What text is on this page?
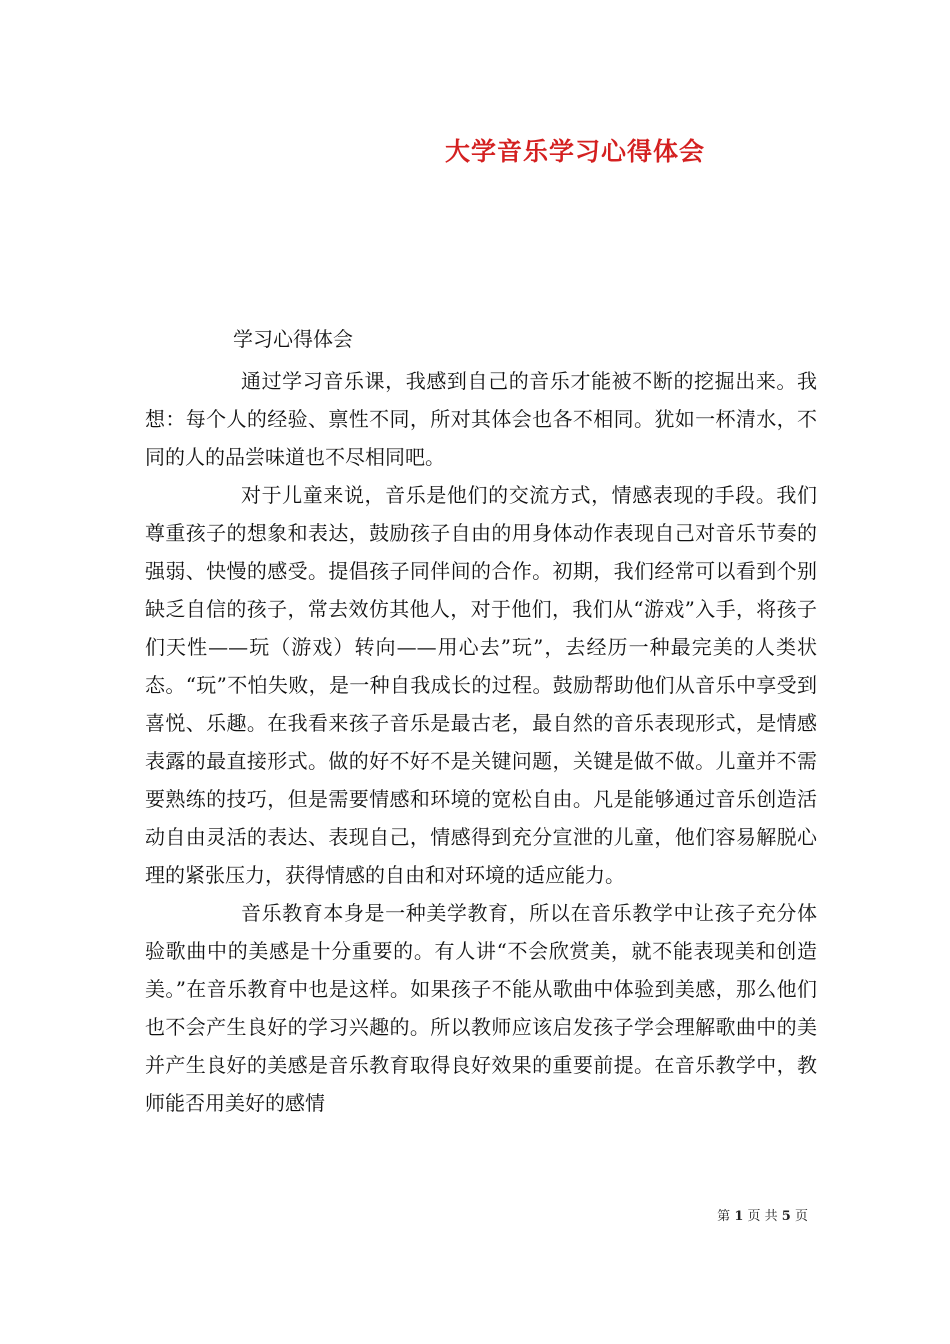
大学音乐学习心得体会
学习心得体会

通过学习音乐课，我感到自己的音乐才能被不断的挖掘出来。我想：每个人的经验、禀性不同，所对其体会也各不相同。犹如一杯清水，不同的人的品尝味道也不尽相同吧。

对于儿童来说，音乐是他们的交流方式，情感表现的手段。我们尊重孩子的想象和表达，鼓励孩子自由的用身体动作表现自己对音乐节奏的强弱、快慢的感受。提倡孩子同伴间的合作。初期，我们经常可以看到个别缺乏自信的孩子，常去效仿其他人，对于他们，我们从“游戏”入手，将孩子们天性——玩（游戏）转向——用心去”玩”，去经历一种最完美的人类状态。“玩”不怕失败，是一种自我成长的过程。鼓励帮助他们从音乐中享受到喜悦、乐趣。在我看来孩子音乐是最古老，最自然的音乐表现形式，是情感表露的最直接形式。做的好不好不是关键问题，关键是做不做。儿童并不需要熟练的技巧，但是需要情感和环境的宽松自由。凡是能够通过音乐创造活动自由灵活的表达、表现自己，情感得到充分宣泄的儿童，他们容易解脱心理的紧张压力，获得情感的自由和对环境的适应能力。

音乐教育本身是一种美学教育，所以在音乐教学中让孩子充分体验歌曲中的美感是十分重要的。有人讲“不会欣赏美，就不能表现美和创造美。”在音乐教育中也是这样。如果孩子不能从歌曲中体验到美感，那么他们也不会产生良好的学习兴趣的。所以教师应该启发孩子学会理解歌曲中的美并产生良好的美感是音乐教育取得良好效果的重要前提。在音乐教学中，教师能否用美好的感情

第 1 页 共 5 页
